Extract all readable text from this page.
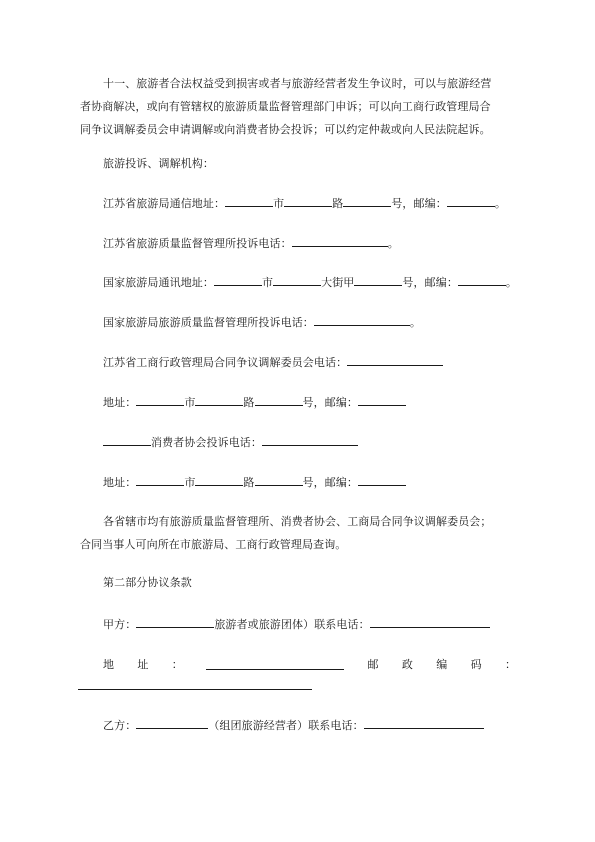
十一、旅游者合法权益受到损害或者与旅游经营者发生争议时，可以与旅游经营
者协商解决，或向有管辖权的旅游质量监督管理部门申诉；可以向工商行政管理局合
同争议调解委员会申请调解或向消费者协会投诉；可以约定仲裁或向人民法院起诉。
旅游投诉、调解机构：
江苏省旅游局通信地址：	市	路	号，邮编：	。
江苏省旅游质量监督管理所投诉电话：	。
国家旅游局通讯地址：	市	大街甲	号，邮编：	。
国家旅游局旅游质量监督管理所投诉电话：	。
江苏省工商行政管理局合同争议调解委员会电话：
地址：	市	路	号，邮编：
消费者协会投诉电话：
地址：	市	路	号，邮编：
各省辖市均有旅游质量监督管理所、消费者协会、工商局合同争议调解委员会；
合同当事人可向所在市旅游局、工商行政管理局查询。
第二部分协议条款
甲方：	旅游者或旅游团体）联系电话：
地 址 ：	邮 政 编 码 ：
乙方：	（组团旅游经营者）联系电话：
